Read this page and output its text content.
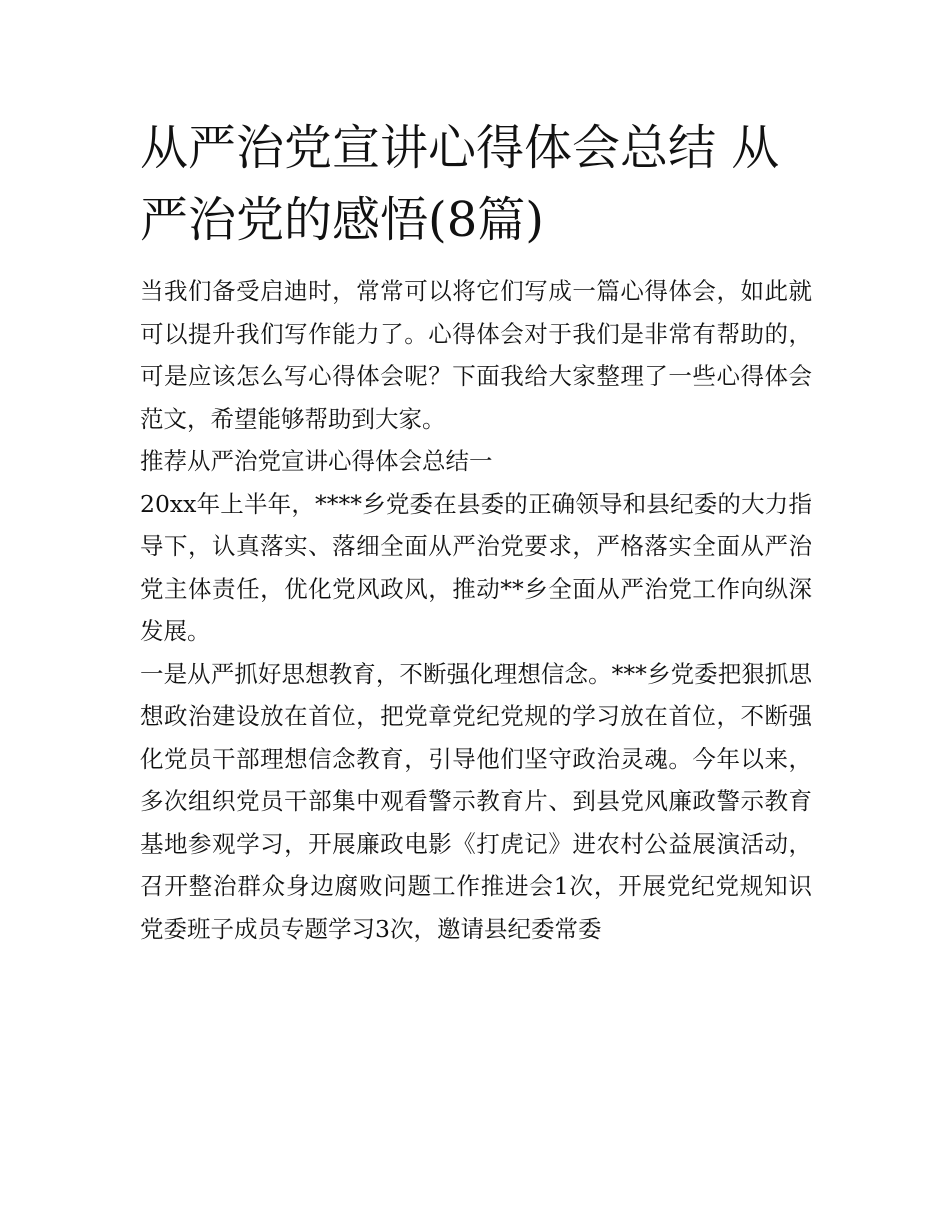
从严治党宣讲心得体会总结 从严治党的感悟(8篇)

当我们备受启迪时，常常可以将它们写成一篇心得体会，如此就可以提升我们写作能力了。心得体会对于我们是非常有帮助的，可是应该怎么写心得体会呢？下面我给大家整理了一些心得体会范文，希望能够帮助到大家。

推荐从严治党宣讲心得体会总结一

20xx年上半年，****乡党委在县委的正确领导和县纪委的大力指导下，认真落实、落细全面从严治党要求，严格落实全面从严治党主体责任，优化党风政风，推动**乡全面从严治党工作向纵深发展。

一是从严抓好思想教育，不断强化理想信念。***乡党委把狠抓思想政治建设放在首位，把党章党纪党规的学习放在首位，不断强化党员干部理想信念教育，引导他们坚守政治灵魂。今年以来，多次组织党员干部集中观看警示教育片、到县党风廉政警示教育基地参观学习，开展廉政电影《打虎记》进农村公益展演活动，召开整治群众身边腐败问题工作推进会1次，开展党纪党规知识党委班子成员专题学习3次，邀请县纪委常委
